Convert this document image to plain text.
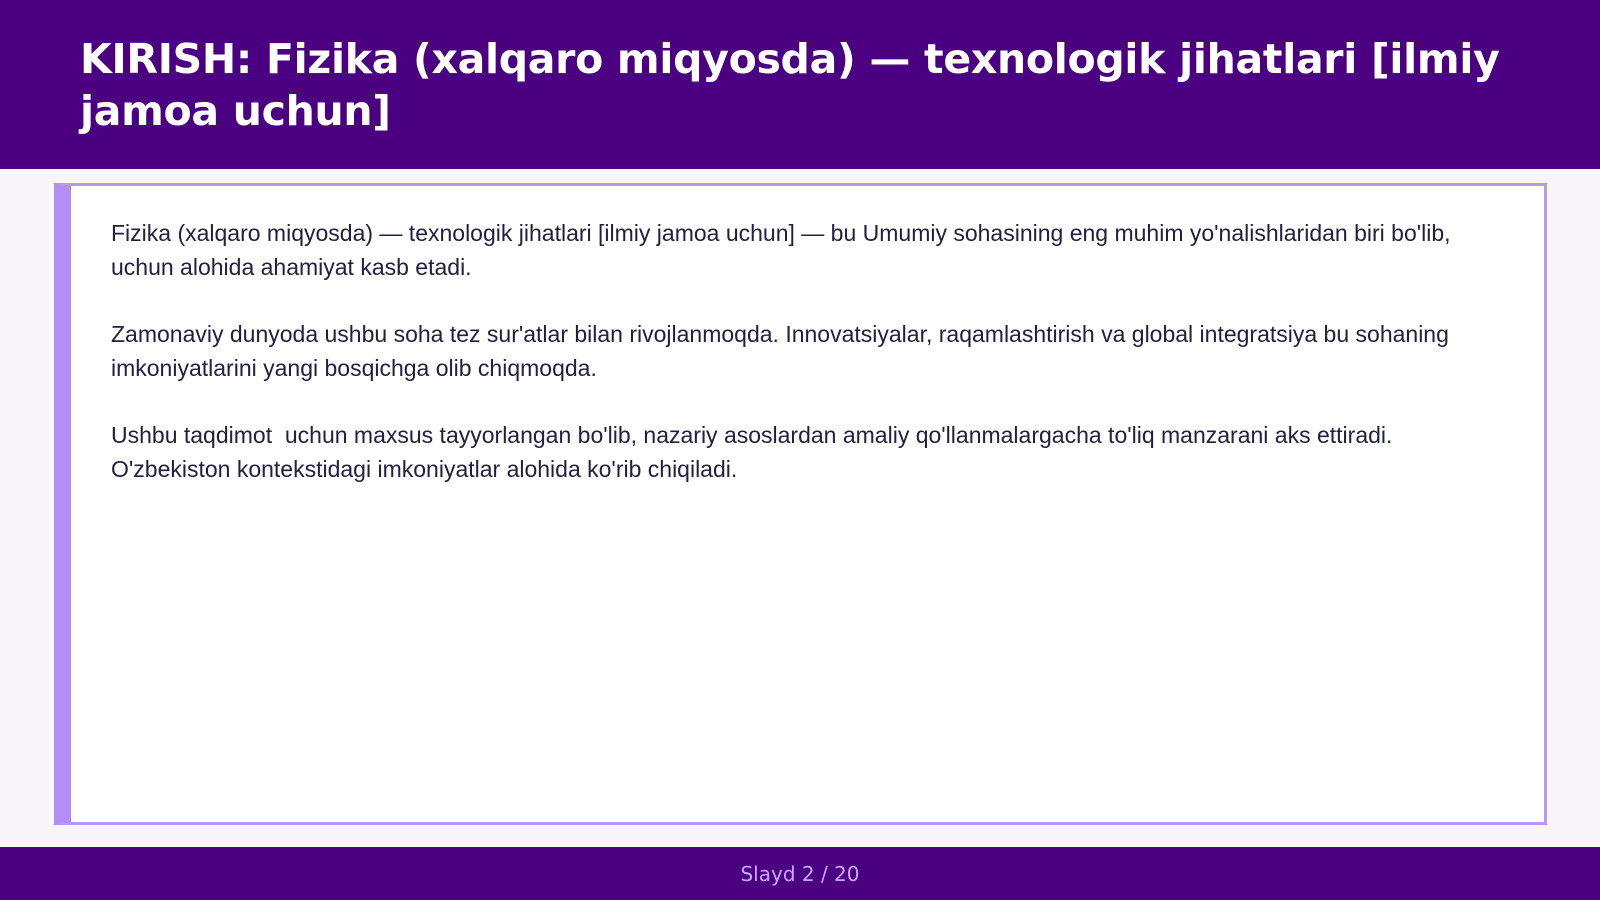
KIRISH: Fizika (xalqaro miqyosda) — texnologik jihatlari [ilmiy jamoa uchun]

Fizika (xalqaro miqyosda) — texnologik jihatlari [ilmiy jamoa uchun] — bu Umumiy sohasining eng muhim yo'nalishlaridan biri bo'lib,  uchun alohida ahamiyat kasb etadi.

Zamonaviy dunyoda ushbu soha tez sur'atlar bilan rivojlanmoqda. Innovatsiyalar, raqamlashtirish va global integratsiya bu sohaning imkoniyatlarini yangi bosqichga olib chiqmoqda.

Ushbu taqdimot  uchun maxsus tayyorlangan bo'lib, nazariy asoslardan amaliy qo'llanmalargacha to'liq manzarani aks ettiradi. O'zbekiston kontekstidagi imkoniyatlar alohida ko'rib chiqiladi.

Slayd 2 / 20
